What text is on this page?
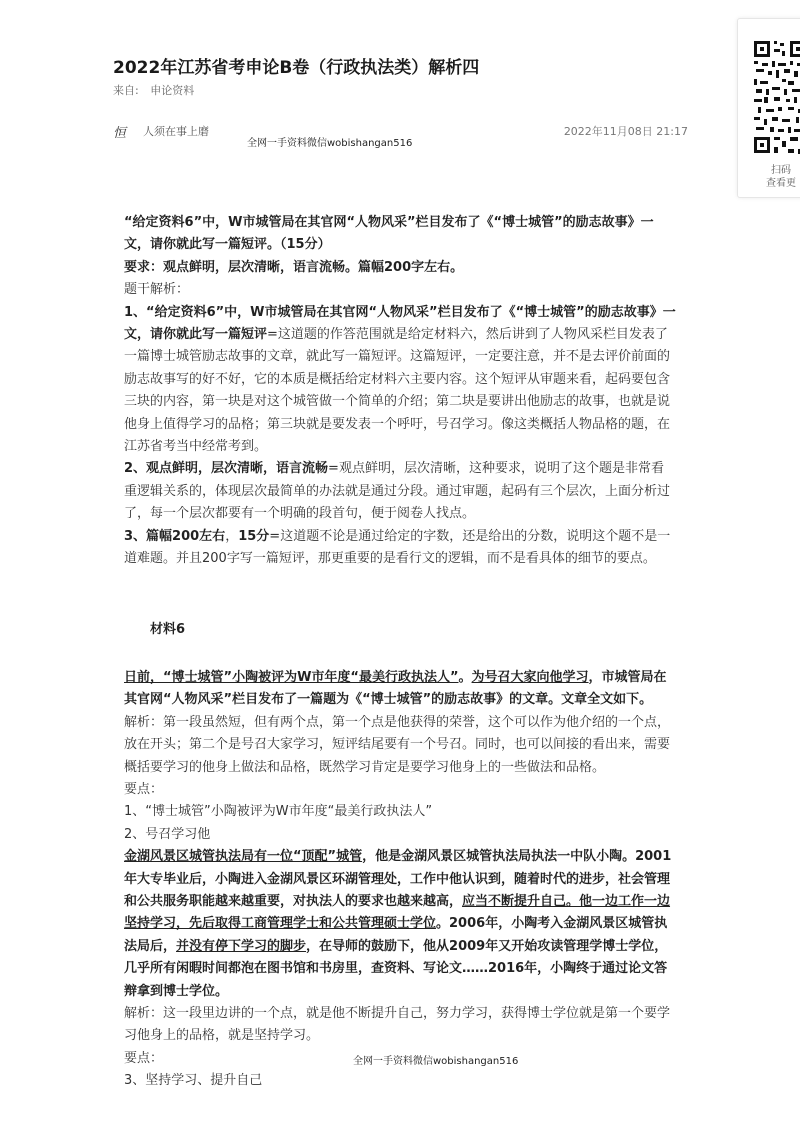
2022年江苏省考申论B卷（行政执法类）解析四
来自: 申论资料
恒 人须在事上磨	2022年11月08日 21:17
全网一手资料微信wobishangan516
扫码
查看更

“给定资料6”中，W市城管局在其官网“人物风采”栏目发布了《“博士城管”的励志故事》一文，请你就此写一篇短评。（15分）

要求：观点鲜明，层次清晰，语言流畅。篇幅200字左右。

题干解析：

1、“给定资料6”中，W市城管局在其官网“人物风采”栏目发布了《“博士城管”的励志故事》一文，请你就此写一篇短评=这道题的作答范围就是给定材料六，然后讲到了人物风采栏目发表了一篇博士城管励志故事的文章，就此写一篇短评。这篇短评，一定要注意，并不是去评价前面的励志故事写的好不好，它的本质是概括给定材料六主要内容。这个短评从审题来看，起码要包含三块的内容，第一块是对这个城管做一个简单的介绍；第二块是要讲出他励志的故事，也就是说他身上值得学习的品格；第三块就是要发表一个呼吁，号召学习。像这类概括人物品格的题，在江苏省考当中经常考到。

2、观点鲜明，层次清晰，语言流畅=观点鲜明，层次清晰，这种要求，说明了这个题是非常看重逻辑关系的，体现层次最简单的办法就是通过分段。通过审题，起码有三个层次，上面分析过了，每一个层次都要有一个明确的段首句，便于阅卷人找点。

3、篇幅200左右，15分=这道题不论是通过给定的字数，还是给出的分数，说明这个题不是一道难题。并且200字写一篇短评，那更重要的是看行文的逻辑，而不是看具体的细节的要点。

材料6

日前，“博士城管”小陶被评为W市年度“最美行政执法人”。为号召大家向他学习，市城管局在其官网“人物风采”栏目发布了一篇题为《“博士城管”的励志故事》的文章。文章全文如下。

解析：第一段虽然短，但有两个点，第一个点是他获得的荣誉，这个可以作为他介绍的一个点，放在开头；第二个是号召大家学习，短评结尾要有一个号召。同时，也可以间接的看出来，需要概括要学习的他身上做法和品格，既然学习肯定是要学习他身上的一些做法和品格。

要点：

1、“博士城管”小陶被评为W市年度“最美行政执法人”

2、号召学习他

金湖风景区城管执法局有一位“顶配”城管，他是金湖风景区城管执法局执法一中队小陶。2001年大专毕业后，小陶进入金湖风景区环湖管理处，工作中他认识到，随着时代的进步，社会管理和公共服务职能越来越重要，对执法人的要求也越来越高，应当不断提升自己。他一边工作一边坚持学习，先后取得工商管理学士和公共管理硕士学位。2006年，小陶考入金湖风景区城管执法局后，并没有停下学习的脚步，在导师的鼓励下，他从2009年又开始攻读管理学博士学位，几乎所有闲暇时间都泡在图书馆和书房里，查资料、写论文……2016年，小陶终于通过论文答辩拿到博士学位。

解析：这一段里边讲的一个点，就是他不断提升自己，努力学习，获得博士学位就是第一个要学习他身上的品格，就是坚持学习。

要点：

3、坚持学习、提升自己

全网一手资料微信wobishangan516
